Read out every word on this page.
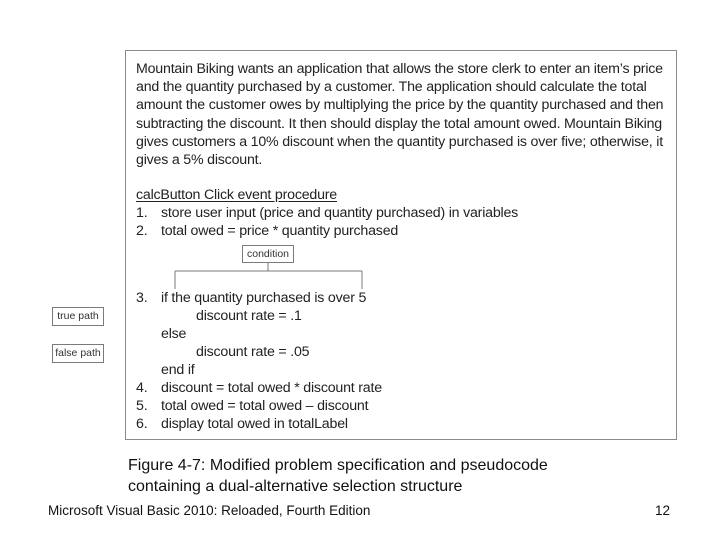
Mountain Biking wants an application that allows the store clerk to enter an item’s price
and the quantity purchased by a customer. The application should calculate the total
amount the customer owes by multiplying the price by the quantity purchased and then
subtracting the discount. It then should display the total amount owed. Mountain Biking
gives customers a 10% discount when the quantity purchased is over five; otherwise, it
gives a 5% discount.
calcButton Click event procedure
1. store user input (price and quantity purchased) in variables
2. total owed = price * quantity purchased
condition
3. if the quantity purchased is over 5
discount rate = .1
else
discount rate = .05
end if
4. discount = total owed * discount rate
5. total owed = total owed – discount
6. display total owed in totalLabel
true path
false path
Figure 4-7: Modified problem specification and pseudocode
containing a dual-alternative selection structure
Microsoft Visual Basic 2010: Reloaded, Fourth Edition	12
